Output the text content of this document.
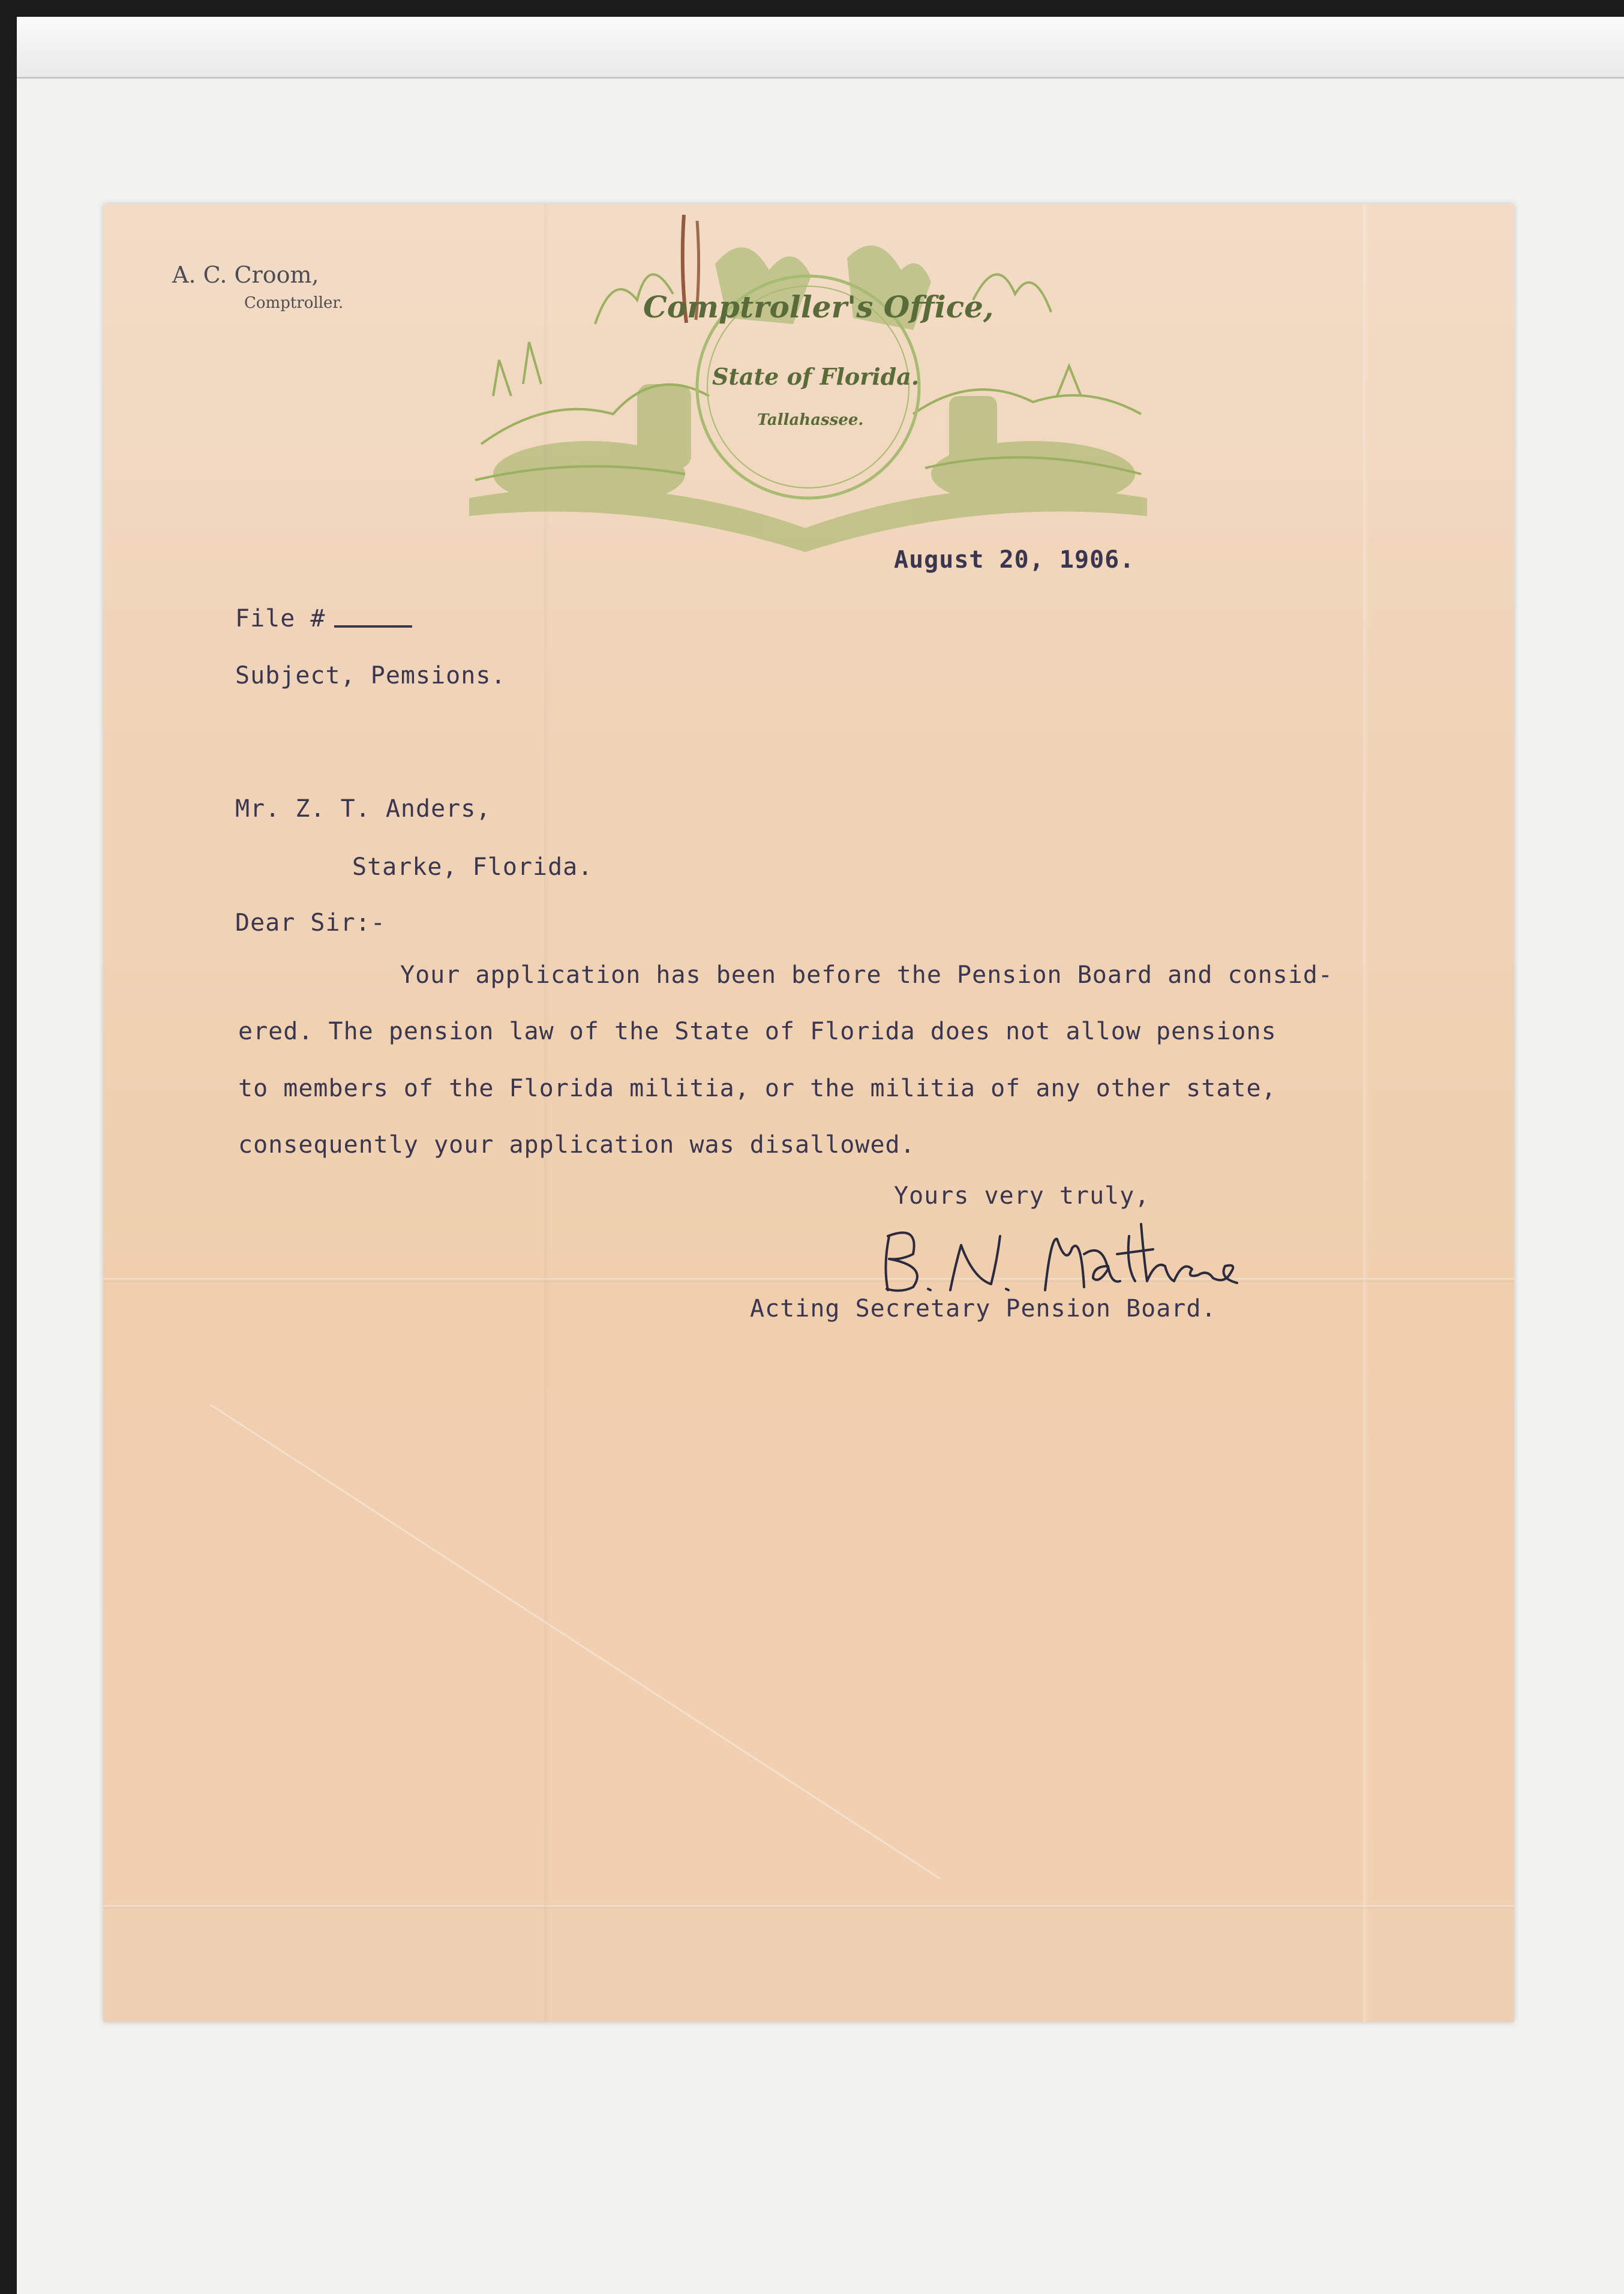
A. C. Croom,
Comptroller.	Comptroller's Office,
State of Florida.
Tallahassee.
August 20, 1906.
File #
Subject, Pemsions.
Mr. Z. T. Anders,
Starke, Florida.
Dear Sir:-
Your application has been before the Pension Board and consid-
ered. The pension law of the State of Florida does not allow pensions
to members of the Florida militia, or the militia of any other state,
consequently your application was disallowed.
Yours very truly,
Acting Secretary Pension Board.
